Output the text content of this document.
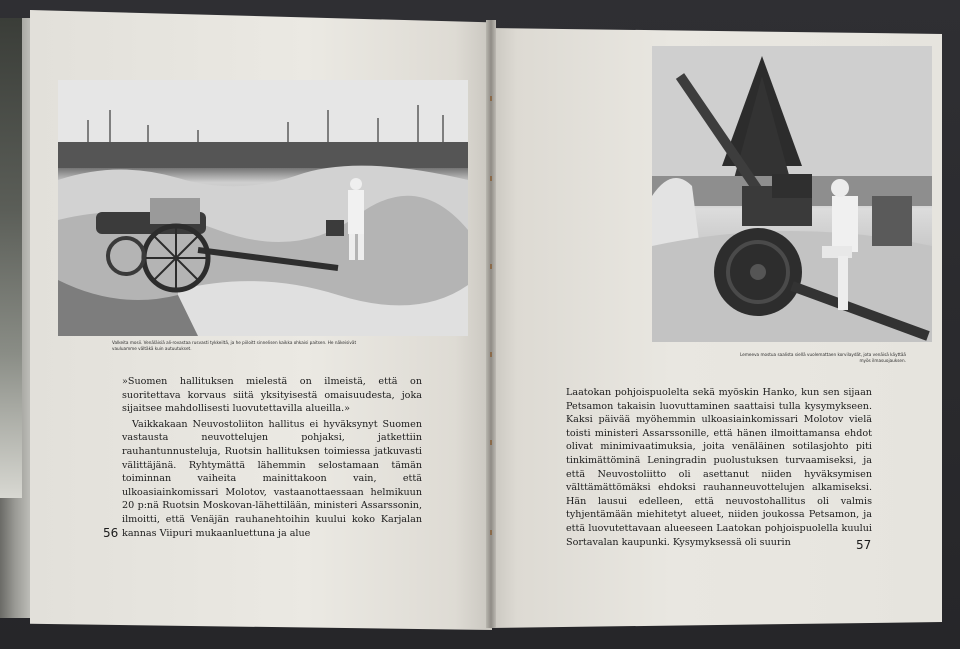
Valkeita mosii. Venäläisiä ali-rovastaa rusvasti tykkeiltä, ja he piiloitt sinnelisen kaikka ohkaisi paitsen. He näkeisivät vauluamme vältäkä kuin autuutukset.
Lemeeva mostua saalista siellä vuolemattaen korvilaydät, jota venäisä käyttää myös ilmasuojauksen.

»Suomen hallituksen mielestä on ilmeistä, että on suoritettava korvaus siitä yksityisestä omaisuudesta, joka sijaitsee mahdollisesti luovutettavilla alueilla.»

Vaikkakaan Neuvostoliiton hallitus ei hyväksynyt Suomen vastausta neuvottelujen pohjaksi, jatkettiin rauhantunnusteluja, Ruotsin hallituksen toimiessa jatkuvasti välittäjänä. Ryhtymättä lähemmin selostamaan tämän toiminnan vaiheita mainittakoon vain, että ulkoasiainkomissari Molotov, vastaanottaessaan helmikuun 20 p:nä Ruotsin Moskovan-lähettilään, ministeri Assarssonin, ilmoitti, että Venäjän rauhanehtoihin kuului koko Karjalan kannas Viipuri mukaanluettuna ja alue

Laatokan pohjoispuolelta sekä myöskin Hanko, kun sen sijaan Petsamon takaisin luovuttaminen saattaisi tulla kysymykseen. Kaksi päivää myöhemmin ulkoasiainkomissari Molotov vielä toisti ministeri Assarssonille, että hänen ilmoittamansa ehdot olivat minimivaatimuksia, joita venäläinen sotilasjohto piti tinkimättöminä Leningradin puolustuksen turvaamiseksi, ja että Neuvostoliitto oli asettanut niiden hyväksymisen välttämättömäksi ehdoksi rauhanneuvottelujen alkamiseksi. Hän lausui edelleen, että neuvostohallitus oli valmis tyhjentämään miehitetyt alueet, niiden joukossa Petsamon, ja että luovutettavaan alueeseen Laatokan pohjoispuolella kuului Sortavalan kaupunki. Kysymyksessä oli suurin

56
57
